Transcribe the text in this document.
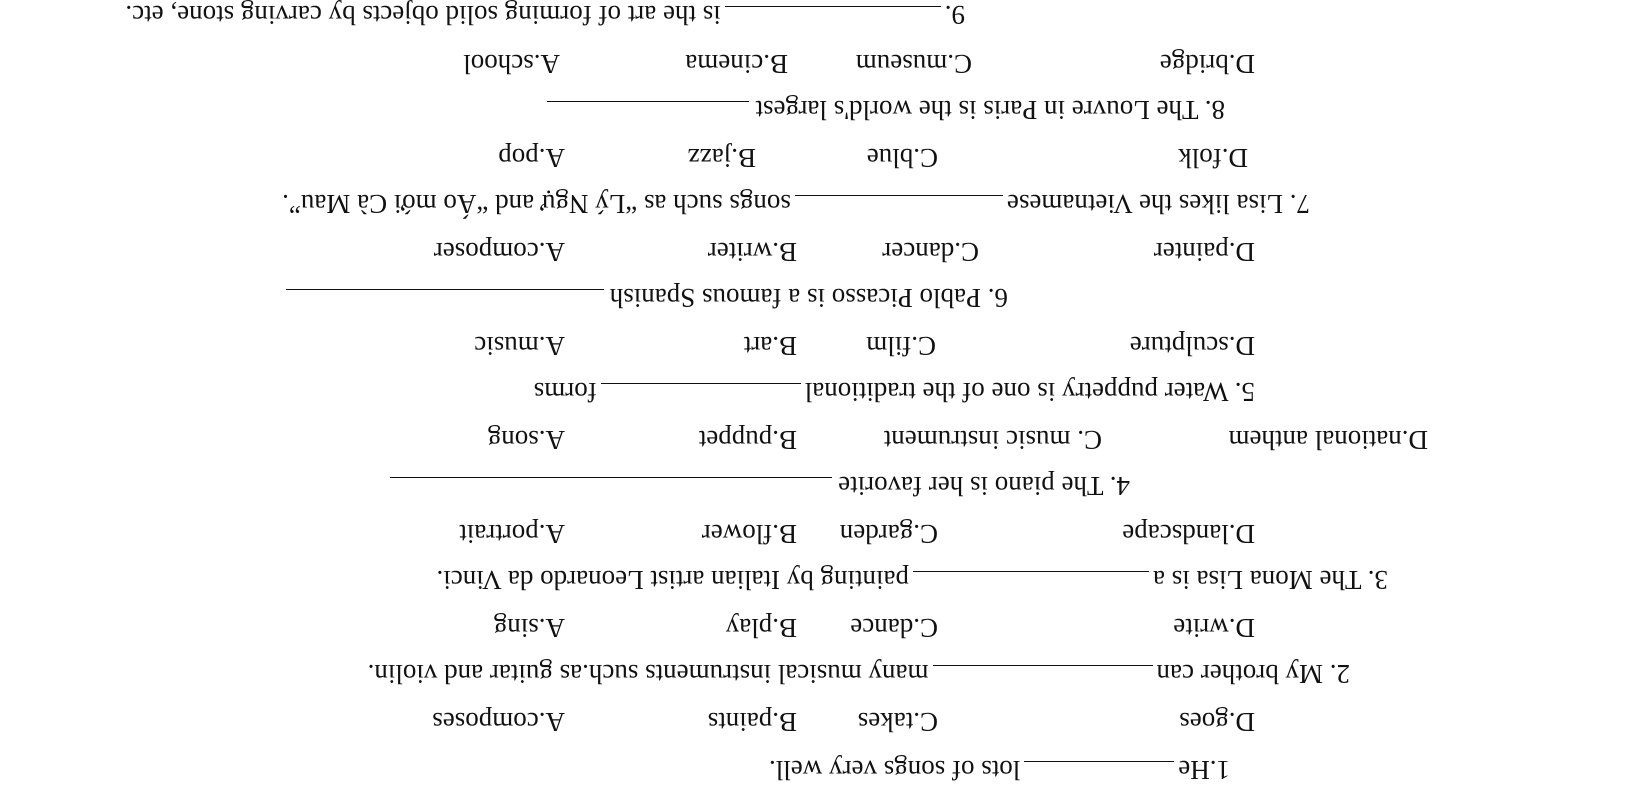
9.is the art of forming solid objects by carving stone, etc.
A.school	B.cinema	C.museum	D.bridge
8. The Louvre in Paris is the world's largest
A.pop	B.jazz	C.blue	D.folk
7. Lisa likes the Vietnamesesongs such as “Lý Ngự and “Áo mới Cà Mau”.
A.composer	B.writer	C.dancer	D.painter
6. Pablo Picasso is a famous Spanish
A.music	B.art	C.film	D.sculpture
5. Water puppetry is one of the traditionalforms
A.song	B.puppet	C. music instrument	D.national anthem
4. The piano is her favorite
A.portrait	B.flower C.garden	D.landscape
3. The Mona Lisa is apainting by Italian artist Leonardo da Vinci.
A.sing	B.play C.dance	D.write
2. My brother canmany musical instruments such.as guitar and violin.
A.composes	B.paints C.takes	D.goes
1.Helots of songs very well.
